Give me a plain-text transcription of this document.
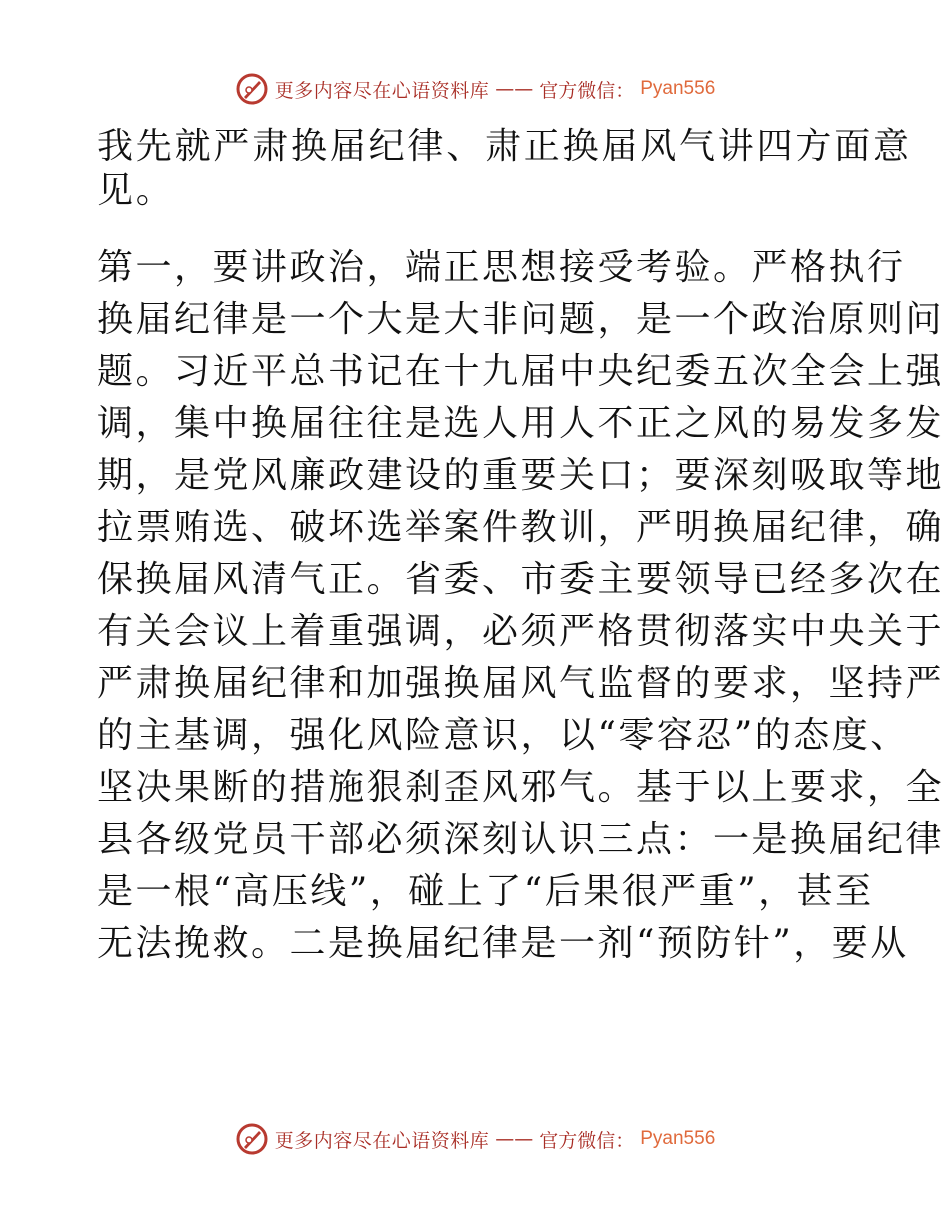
更多内容尽在心语资料库 —— 官方微信： Pyan556

我先就严肃换届纪律、肃正换届风气讲四方面意
见。

第一，要讲政治，端正思想接受考验。严格执行
换届纪律是一个大是大非问题，是一个政治原则问
题。习近平总书记在十九届中央纪委五次全会上强
调，集中换届往往是选人用人不正之风的易发多发
期，是党风廉政建设的重要关口；要深刻吸取等地
拉票贿选、破坏选举案件教训，严明换届纪律，确
保换届风清气正。省委、市委主要领导已经多次在
有关会议上着重强调，必须严格贯彻落实中央关于
严肃换届纪律和加强换届风气监督的要求，坚持严
的主基调，强化风险意识，以“零容忍”的态度、
坚决果断的措施狠刹歪风邪气。基于以上要求，全
县各级党员干部必须深刻认识三点：一是换届纪律
是一根“高压线”，碰上了“后果很严重”，甚至
无法挽救。二是换届纪律是一剂“预防针”，要从

更多内容尽在心语资料库 —— 官方微信： Pyan556
